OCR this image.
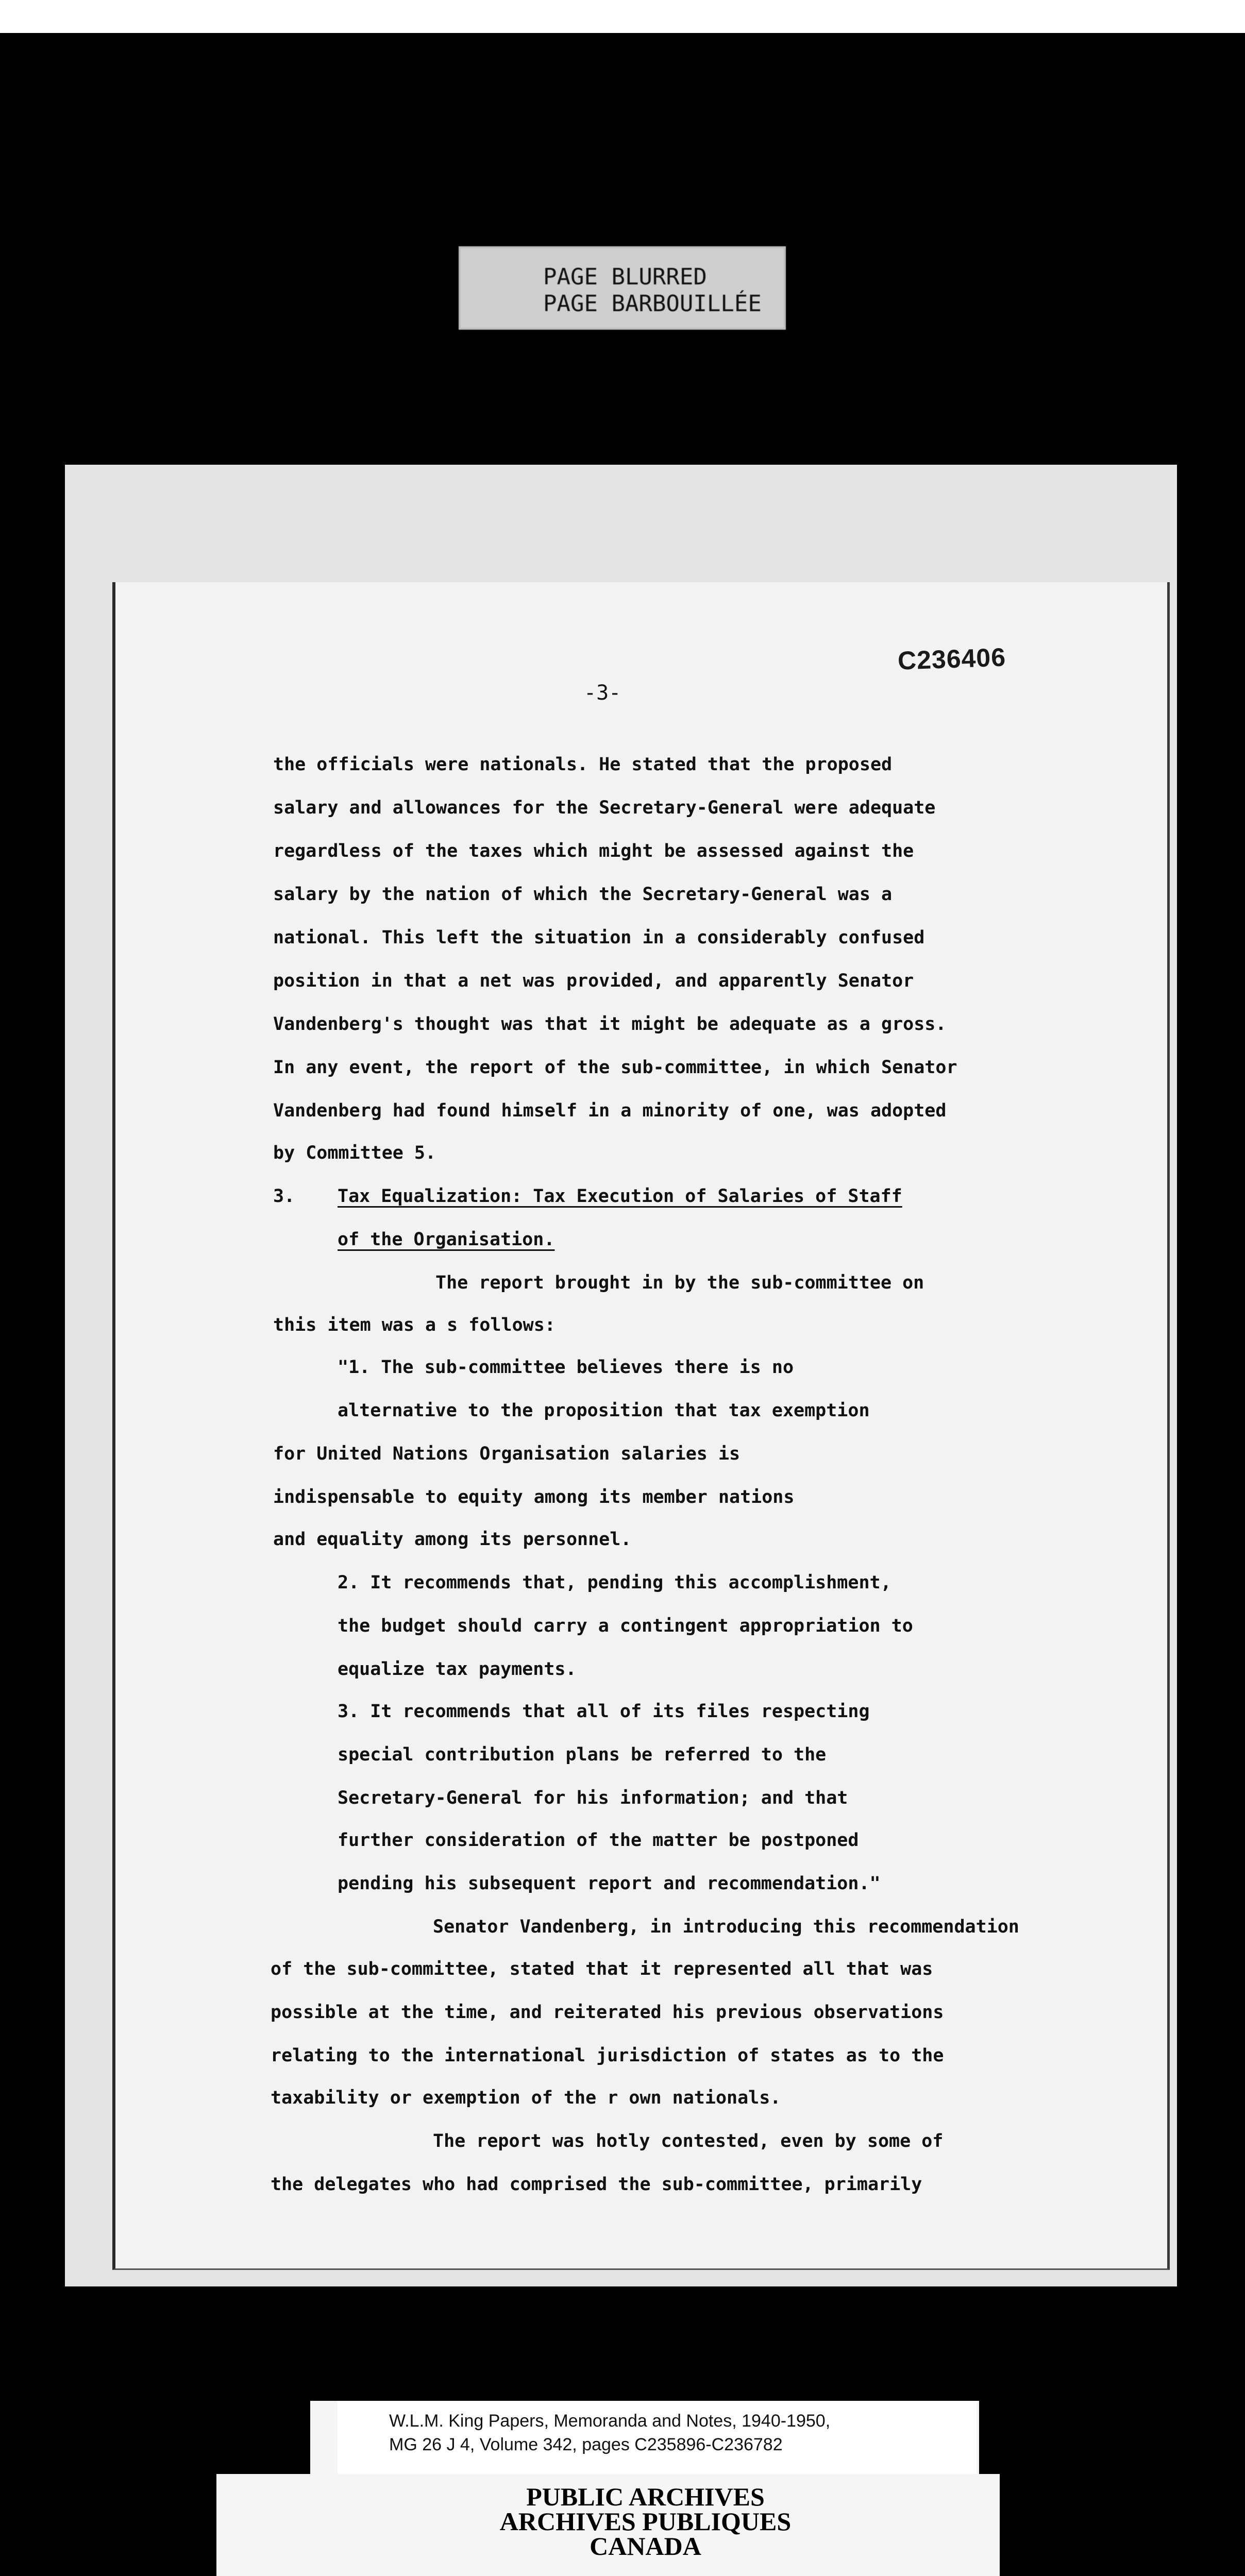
PAGE BLURRED
PAGE BARBOUILLÉE
C236406
-3-
the officials were nationals. He stated that the proposed
salary and allowances for the Secretary-General were adequate
regardless of the taxes which might be assessed against the
salary by the nation of which the Secretary-General was a
national. This left the situation in a considerably confused
position in that a net was provided, and apparently Senator
Vandenberg's thought was that it might be adequate as a gross.
In any event, the report of the sub-committee, in which Senator
Vandenberg had found himself in a minority of one, was adopted
by Committee 5.
3. Tax Equalization: Tax Execution of Salaries of Staff
of the Organisation.
The report brought in by the sub-committee on
this item was a s follows:
"1. The sub-committee believes there is no
alternative to the proposition that tax exemption
for United Nations Organisation salaries is
indispensable to equity among its member nations
and equality among its personnel.
2. It recommends that, pending this accomplishment,
the budget should carry a contingent appropriation to
equalize tax payments.
3. It recommends that all of its files respecting
special contribution plans be referred to the
Secretary-General for his information; and that
further consideration of the matter be postponed
pending his subsequent report and recommendation."
Senator Vandenberg, in introducing this recommendation
of the sub-committee, stated that it represented all that was
possible at the time, and reiterated his previous observations
relating to the international jurisdiction of states as to the
taxability or exemption of the r own nationals.
The report was hotly contested, even by some of
the delegates who had comprised the sub-committee, primarily
W.L.M. King Papers, Memoranda and Notes, 1940-1950,
MG 26 J 4, Volume 342, pages C235896-C236782
PUBLIC ARCHIVES
ARCHIVES PUBLIQUES
CANADA
